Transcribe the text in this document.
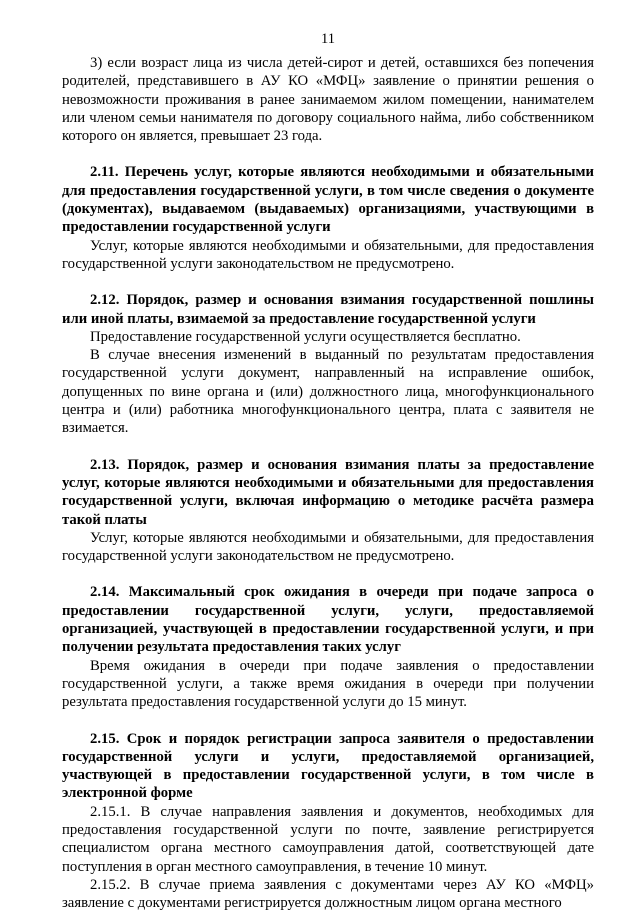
11

3) если возраст лица из числа детей-сирот и детей, оставшихся без попечения родителей, представившего в АУ КО «МФЦ» заявление о принятии решения о невозможности проживания в ранее занимаемом жилом помещении, нанимателем или членом семьи нанимателя по договору социального найма, либо собственником которого он является, превышает 23 года.

2.11. Перечень услуг, которые являются необходимыми и обязательными для предоставления государственной услуги, в том числе сведения о документе (документах), выдаваемом (выдаваемых) организациями, участвующими в предоставлении государственной услуги

Услуг, которые являются необходимыми и обязательными, для предоставления государственной услуги законодательством не предусмотрено.

2.12. Порядок, размер и основания взимания государственной пошлины или иной платы, взимаемой за предоставление государственной услуги

Предоставление государственной услуги осуществляется бесплатно.

В случае внесения изменений в выданный по результатам предоставления государственной услуги документ, направленный на исправление ошибок, допущенных по вине органа и (или) должностного лица, многофункционального центра и (или) работника многофункционального центра, плата с заявителя не взимается.

2.13. Порядок, размер и основания взимания платы за предоставление услуг, которые являются необходимыми и обязательными для предоставления государственной услуги, включая информацию о методике расчёта размера такой платы

Услуг, которые являются необходимыми и обязательными, для предоставления государственной услуги законодательством не предусмотрено.

2.14. Максимальный срок ожидания в очереди при подаче запроса о предоставлении государственной услуги, услуги, предоставляемой организацией, участвующей в предоставлении государственной услуги, и при получении результата предоставления таких услуг

Время ожидания в очереди при подаче заявления о предоставлении государственной услуги, а также время ожидания в очереди при получении результата предоставления государственной услуги до 15 минут.

2.15. Срок и порядок регистрации запроса заявителя о предоставлении государственной услуги и услуги, предоставляемой организацией, участвующей в предоставлении государственной услуги, в том числе в электронной форме

2.15.1. В случае направления заявления и документов, необходимых для предоставления государственной услуги по почте, заявление регистрируется специалистом органа местного самоуправления датой, соответствующей дате поступления в орган местного самоуправления, в течение 10 минут.

2.15.2. В случае приема заявления с документами через АУ КО «МФЦ» заявление с документами регистрируется должностным лицом органа местного
